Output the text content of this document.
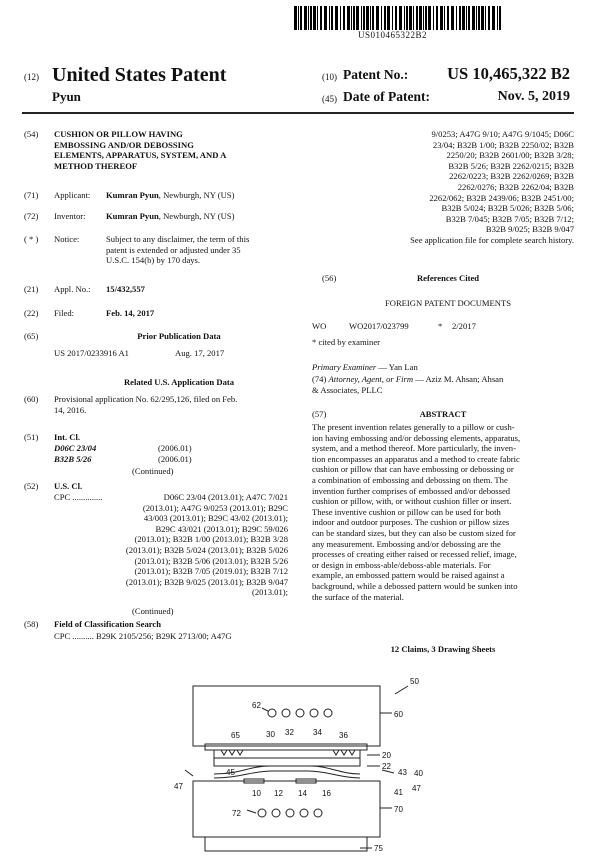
US010465322B2
(12) United States Patent
Pyun
(10) Patent No.: US 10,465,322 B2
(45) Date of Patent:	Nov. 5, 2019
(54) CUSHION OR PILLOW HAVING
EMBOSSING AND/OR DEBOSSING
ELEMENTS, APPARATUS, SYSTEM, AND A
METHOD THEREOF
(71) Applicant: Kumran Pyun, Newburgh, NY (US)
(72) Inventor: Kumran Pyun, Newburgh, NY (US)
( * ) Notice:	Subject to any disclaimer, the term of this
patent is extended or adjusted under 35
U.S.C. 154(b) by 170 days.
(21) Appl. No.: 15/432,557
(22) Filed:	Feb. 14, 2017
(65)	Prior Publication Data
US 2017/0233916 A1	Aug. 17, 2017
Related U.S. Application Data
(60) Provisional application No. 62/295,126, filed on Feb.
14, 2016.
(51) Int. Cl.
D06C 23/04	(2006.01)
B32B 5/26	(2006.01)
(Continued)
(52) U.S. Cl.
CPC ..............	D06C 23/04 (2013.01); A47C 7/021
(2013.01); A47G 9/0253 (2013.01); B29C
43/003 (2013.01); B29C 43/02 (2013.01);
B29C 43/021 (2013.01); B29C 59/026
(2013.01); B32B 1/00 (2013.01); B32B 3/28
(2013.01); B32B 5/024 (2013.01); B32B 5/026
(2013.01); B32B 5/06 (2013.01); B32B 5/26
(2013.01); B32B 7/05 (2019.01); B32B 7/12
(2013.01); B32B 9/025 (2013.01); B32B 9/047
(2013.01);
(Continued)
(58) Field of Classification Search
CPC .......... B29K 2105/256; B29K 2713/00; A47G
9/0253; A47G 9/10; A47G 9/1045; D06C
23/04; B32B 1/00; B32B 2250/02; B32B
2250/20; B32B 2601/00; B32B 3/28;
B32B 5/26; B32B 2262/0215; B32B
2262/0223; B32B 2262/0269; B32B
2262/0276; B32B 2262/04; B32B
2262/062; B32B 2439/06; B32B 2451/00;
B32B 5/024; B32B 5/026; B32B 5/06;
B32B 7/045; B32B 7/05; B32B 7/12;
B32B 9/025; B32B 9/047
See application file for complete search history.
(56)	References Cited
FOREIGN PATENT DOCUMENTS
WO	WO2017/023799	* 2/2017
* cited by examiner
Primary Examiner — Yan Lan
(74) Attorney, Agent, or Firm — Aziz M. Ahsan; Ahsan
& Associates, PLLC
(57)	ABSTRACT
The present invention relates generally to a pillow or cush-
ion having embossing and/or debossing elements, apparatus,
system, and a method thereof. More particularly, the inven-
tion encompasses an apparatus and a method to create fabric
cushion or pillow that can have embossing or debossing or
a combination of embossing and debossing on them. The
invention further comprises of embossed and/or debossed
cushion or pillow, with, or without cushion filler or insert.
These inventive cushion or pillow can be used for both
indoor and outdoor purposes. The cushion or pillow sizes
can be standard sizes, but they can also be custom sized for
any measurement. Embossing and/or debossing are the
processes of creating either raised or recessed relief, image,
or design in emboss-able/deboss-able materials. For
example, an embossed pattern would be raised against a
background, while a debossed pattern would be sunken into
the surface of the material.
12 Claims, 3 Drawing Sheets
50
62
60
65	30 32 34 36
20
22
45	43 40
47
41 47
10 12 14 16
72	70
75
